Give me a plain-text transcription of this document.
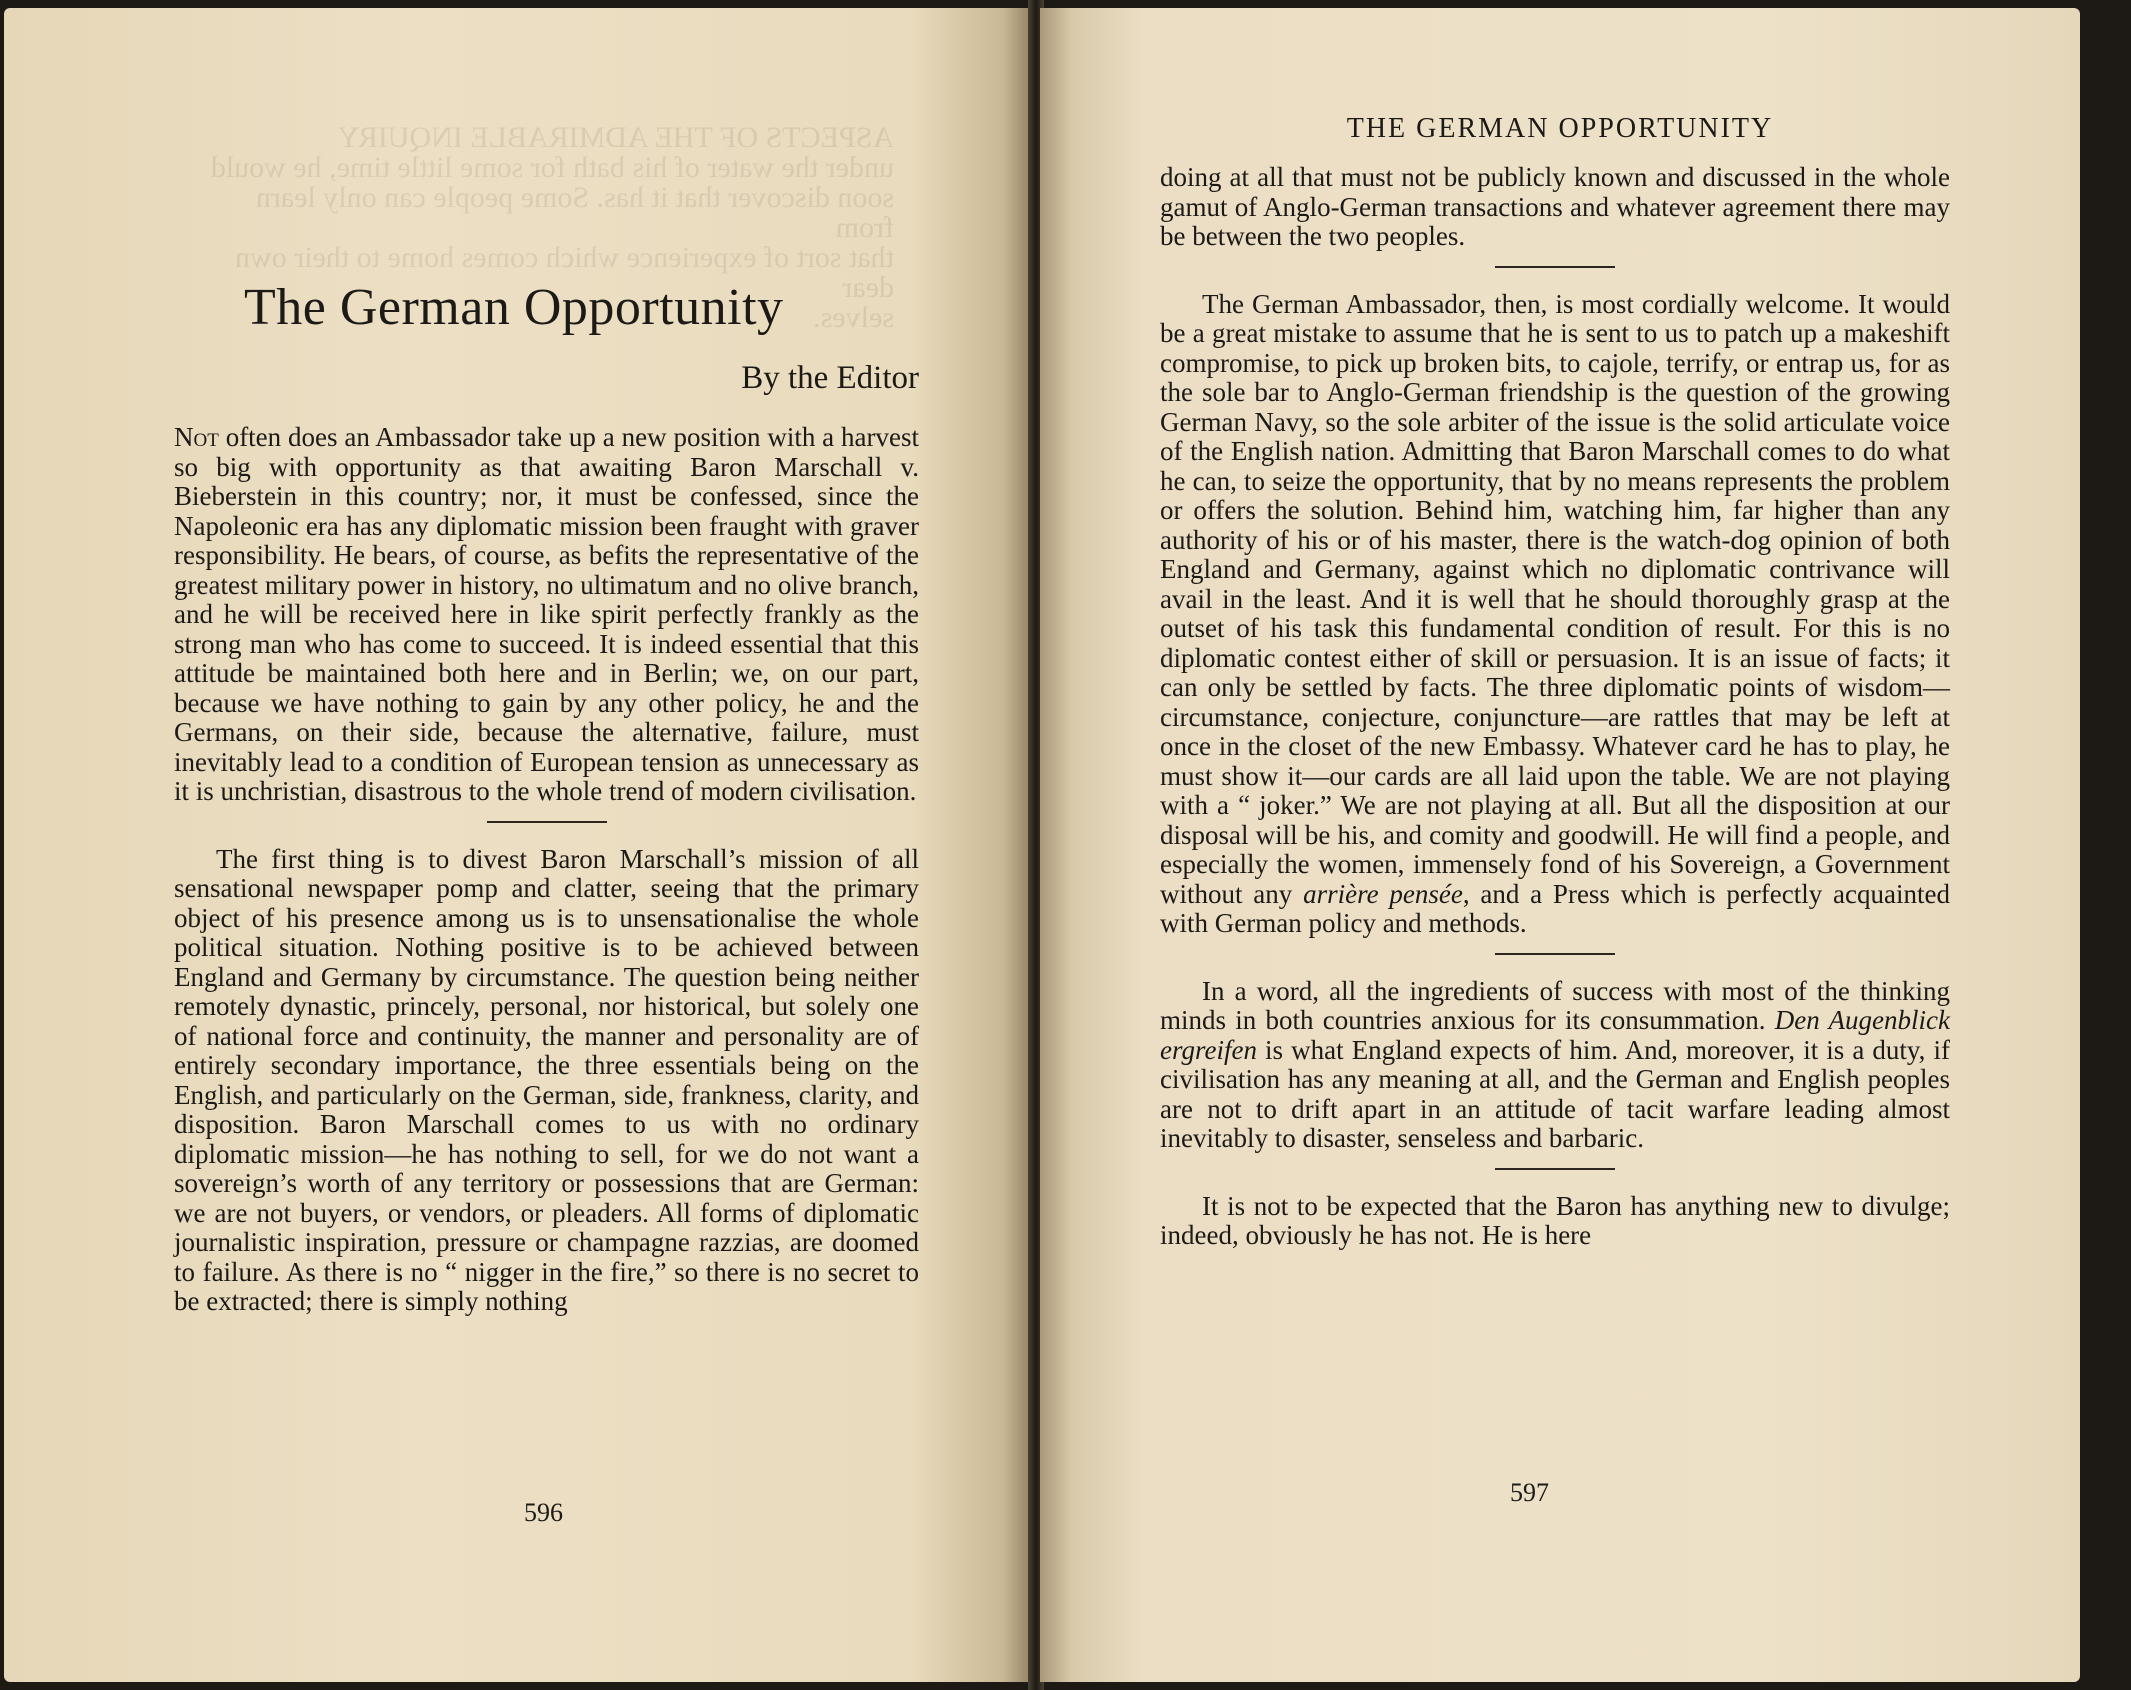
ASPECTS OF THE ADMIRABLE INQUIRY
under the water of his bath for some little time, he would
soon discover that it has. Some people can only learn from
that sort of experience which comes home to their own dear
selves.
The German Opportunity
By the Editor

Not often does an Ambassador take up a new position with a harvest so big with opportunity as that awaiting Baron Marschall v. Bieberstein in this country; nor, it must be confessed, since the Napoleonic era has any diplomatic mission been fraught with graver responsibility. He bears, of course, as befits the representative of the greatest military power in history, no ultimatum and no olive branch, and he will be received here in like spirit perfectly frankly as the strong man who has come to succeed. It is indeed essential that this attitude be maintained both here and in Berlin; we, on our part, because we have nothing to gain by any other policy, he and the Germans, on their side, because the alternative, failure, must inevitably lead to a condition of European tension as unnecessary as it is unchristian, disastrous to the whole trend of modern civilisation.

The first thing is to divest Baron Marschall’s mission of all sensational newspaper pomp and clatter, seeing that the primary object of his presence among us is to unsensationalise the whole political situation. Nothing positive is to be achieved between England and Germany by circumstance. The question being neither remotely dynastic, princely, personal, nor historical, but solely one of national force and continuity, the manner and personality are of entirely secondary importance, the three essentials being on the English, and particularly on the German, side, frankness, clarity, and disposition. Baron Marschall comes to us with no ordinary diplomatic mission—he has nothing to sell, for we do not want a sovereign’s worth of any territory or possessions that are German: we are not buyers, or vendors, or pleaders. All forms of diplomatic journalistic inspiration, pressure or champagne razzias, are doomed to failure. As there is no “ nigger in the fire,” so there is no secret to be extracted; there is simply nothing

596
THE GERMAN OPPORTUNITY

doing at all that must not be publicly known and discussed in the whole gamut of Anglo-German transactions and whatever agreement there may be between the two peoples.

The German Ambassador, then, is most cordially welcome. It would be a great mistake to assume that he is sent to us to patch up a makeshift compromise, to pick up broken bits, to cajole, terrify, or entrap us, for as the sole bar to Anglo-German friendship is the question of the growing German Navy, so the sole arbiter of the issue is the solid articulate voice of the English nation. Admitting that Baron Marschall comes to do what he can, to seize the opportunity, that by no means represents the problem or offers the solution. Behind him, watching him, far higher than any authority of his or of his master, there is the watch-dog opinion of both England and Germany, against which no diplomatic contrivance will avail in the least. And it is well that he should thoroughly grasp at the outset of his task this fundamental condition of result. For this is no diplomatic contest either of skill or persuasion. It is an issue of facts; it can only be settled by facts. The three diplomatic points of wisdom—circumstance, conjecture, conjuncture—are rattles that may be left at once in the closet of the new Embassy. Whatever card he has to play, he must show it—our cards are all laid upon the table. We are not playing with a “ joker.” We are not playing at all. But all the disposition at our disposal will be his, and comity and goodwill. He will find a people, and especially the women, immensely fond of his Sovereign, a Government without any arrière pensée, and a Press which is perfectly acquainted with German policy and methods.

In a word, all the ingredients of success with most of the thinking minds in both countries anxious for its consummation. Den Augenblick ergreifen is what England expects of him. And, moreover, it is a duty, if civilisation has any meaning at all, and the German and English peoples are not to drift apart in an attitude of tacit warfare leading almost inevitably to disaster, senseless and barbaric.

It is not to be expected that the Baron has anything new to divulge; indeed, obviously he has not. He is here

597
